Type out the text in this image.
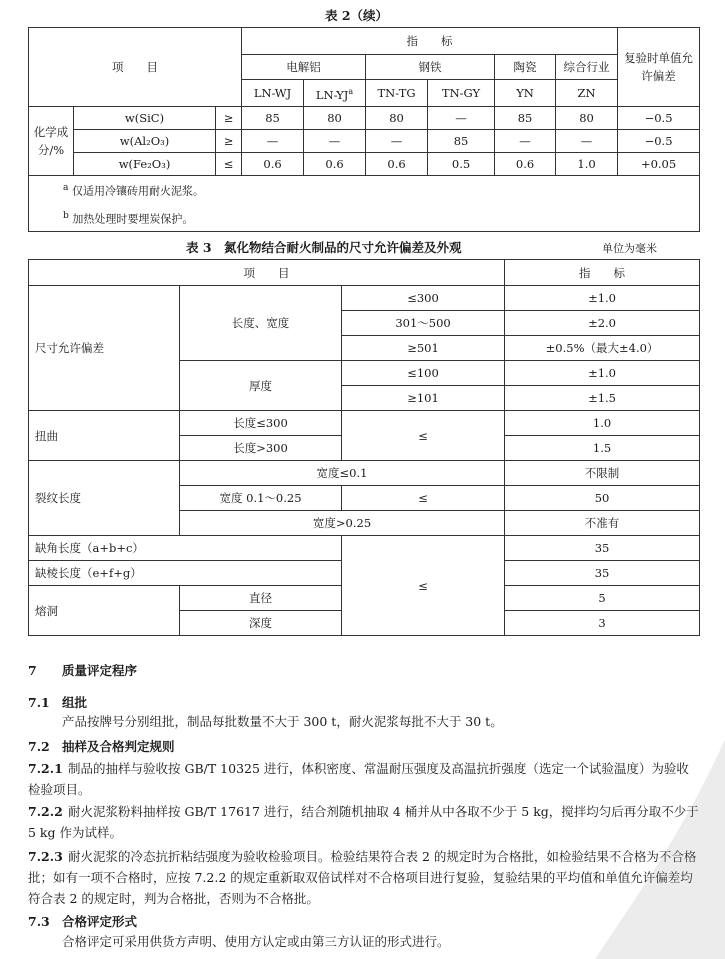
表 2（续）
项　　目			指　　标						复验时单值允许偏差
			电解铝		钢铁		陶瓷	综合行业	
			LN-WJ	$LN-YJ^a$	TN-TG	TN-GY	YN	ZN	
化学成分/%	w(SiC)	≥	85	80	80	—	85	80	−0.5
	w(Al₂O₃)	≥	—	—	—	85	—	—	−0.5
	w(Fe₂O₃)	≤	0.6	0.6	0.6	0.5	0.6	1.0	+0.05

$^a$ 仅适用冷镶砖用耐火泥浆。
$^b$ 加热处理时要埋炭保护。									
表 3　氮化物结合耐火制品的尺寸允许偏差及外观	单位为毫米
项　　目			指　　标
尺寸允许偏差	长度、宽度	≤300	±1.0
		301～500	±2.0
		≥501	±0.5%（最大±4.0）
	厚度	≤100	±1.0
		≥101	±1.5
扭曲	长度≤300	≤	1.0
	长度>300		1.5
裂纹长度	宽度≤0.1		不限制
	宽度 0.1～0.25	≤	50
	宽度>0.25		不准有
缺角长度（a+b+c）		≤	35
缺棱长度（e+f+g）			35
熔洞	直径		5
	深度		3
7 质量评定程序
7.1 组批
产品按牌号分别组批，制品每批数量不大于 300 t，耐火泥浆每批不大于 30 t。
7.2 抽样及合格判定规则
7.2.1 制品的抽样与验收按 GB/T 10325 进行，体积密度、常温耐压强度及高温抗折强度（选定一个试验温度）为验收检验项目。
7.2.2 耐火泥浆粉料抽样按 GB/T 17617 进行，结合剂随机抽取 4 桶并从中各取不少于 5 kg，搅拌均匀后再分取不少于 5 kg 作为试样。
7.2.3 耐火泥浆的冷态抗折粘结强度为验收检验项目。检验结果符合表 2 的规定时为合格批，如检验结果不合格为不合格批；如有一项不合格时，应按 7.2.2 的规定重新取双倍试样对不合格项目进行复验，复验结果的平均值和单值允许偏差均符合表 2 的规定时，判为合格批，否则为不合格批。
7.3 合格评定形式
合格评定可采用供货方声明、使用方认定或由第三方认证的形式进行。
